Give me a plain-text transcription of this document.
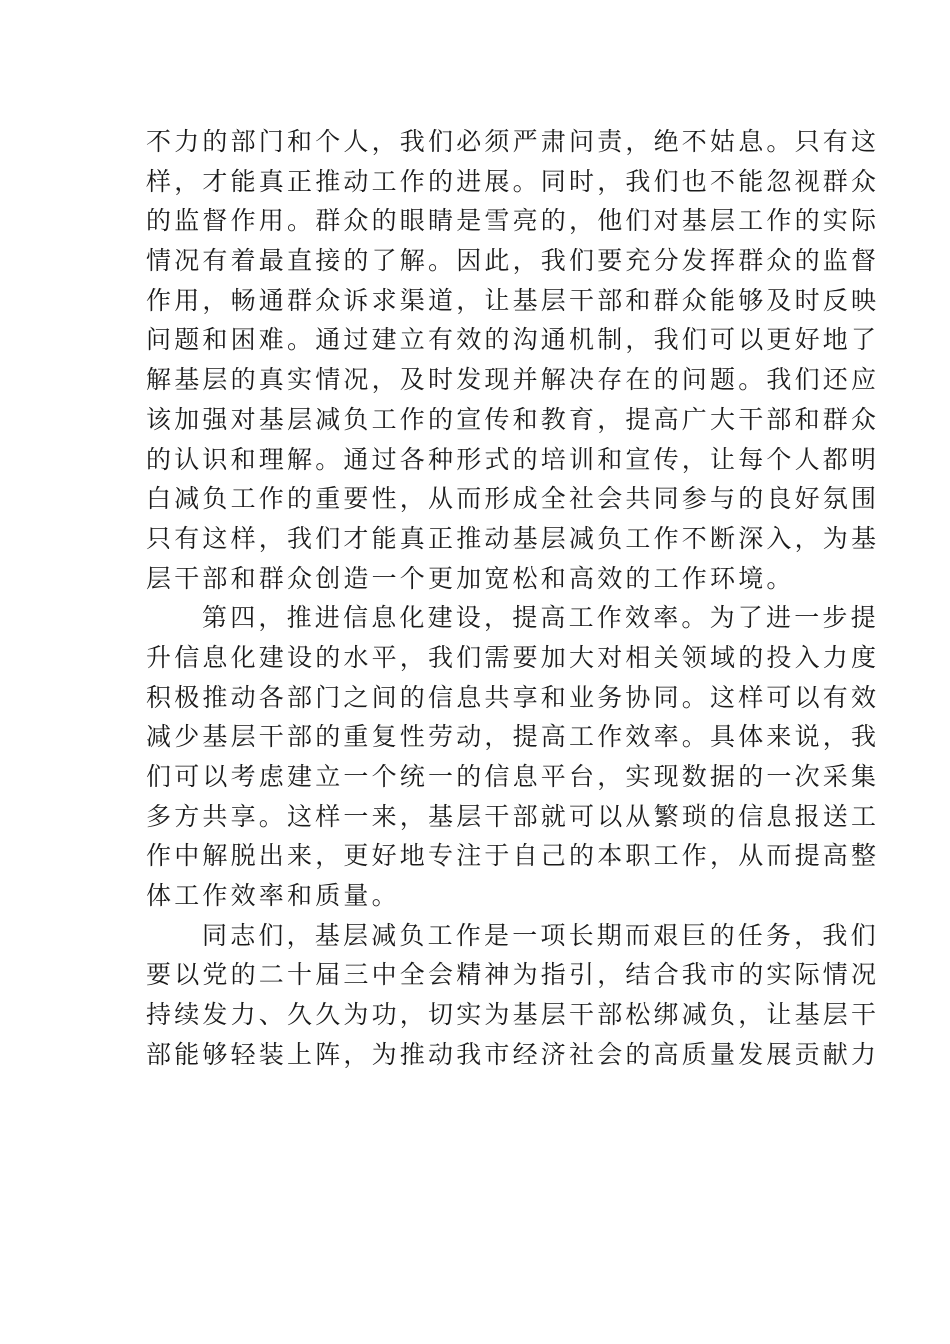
不力的部门和个人，我们必须严肃问责，绝不姑息。只有这
样，才能真正推动工作的进展。同时，我们也不能忽视群众
的监督作用。群众的眼睛是雪亮的，他们对基层工作的实际
情况有着最直接的了解。因此，我们要充分发挥群众的监督
作用，畅通群众诉求渠道，让基层干部和群众能够及时反映
问题和困难。通过建立有效的沟通机制，我们可以更好地了
解基层的真实情况，及时发现并解决存在的问题。我们还应
该加强对基层减负工作的宣传和教育，提高广大干部和群众
的认识和理解。通过各种形式的培训和宣传，让每个人都明
白减负工作的重要性，从而形成全社会共同参与的良好氛围
只有这样，我们才能真正推动基层减负工作不断深入，为基
层干部和群众创造一个更加宽松和高效的工作环境。
第四，推进信息化建设，提高工作效率。为了进一步提
升信息化建设的水平，我们需要加大对相关领域的投入力度
积极推动各部门之间的信息共享和业务协同。这样可以有效
减少基层干部的重复性劳动，提高工作效率。具体来说，我
们可以考虑建立一个统一的信息平台，实现数据的一次采集
多方共享。这样一来，基层干部就可以从繁琐的信息报送工
作中解脱出来，更好地专注于自己的本职工作，从而提高整
体工作效率和质量。
同志们，基层减负工作是一项长期而艰巨的任务，我们
要以党的二十届三中全会精神为指引，结合我市的实际情况
持续发力、久久为功，切实为基层干部松绑减负，让基层干
部能够轻装上阵，为推动我市经济社会的高质量发展贡献力
